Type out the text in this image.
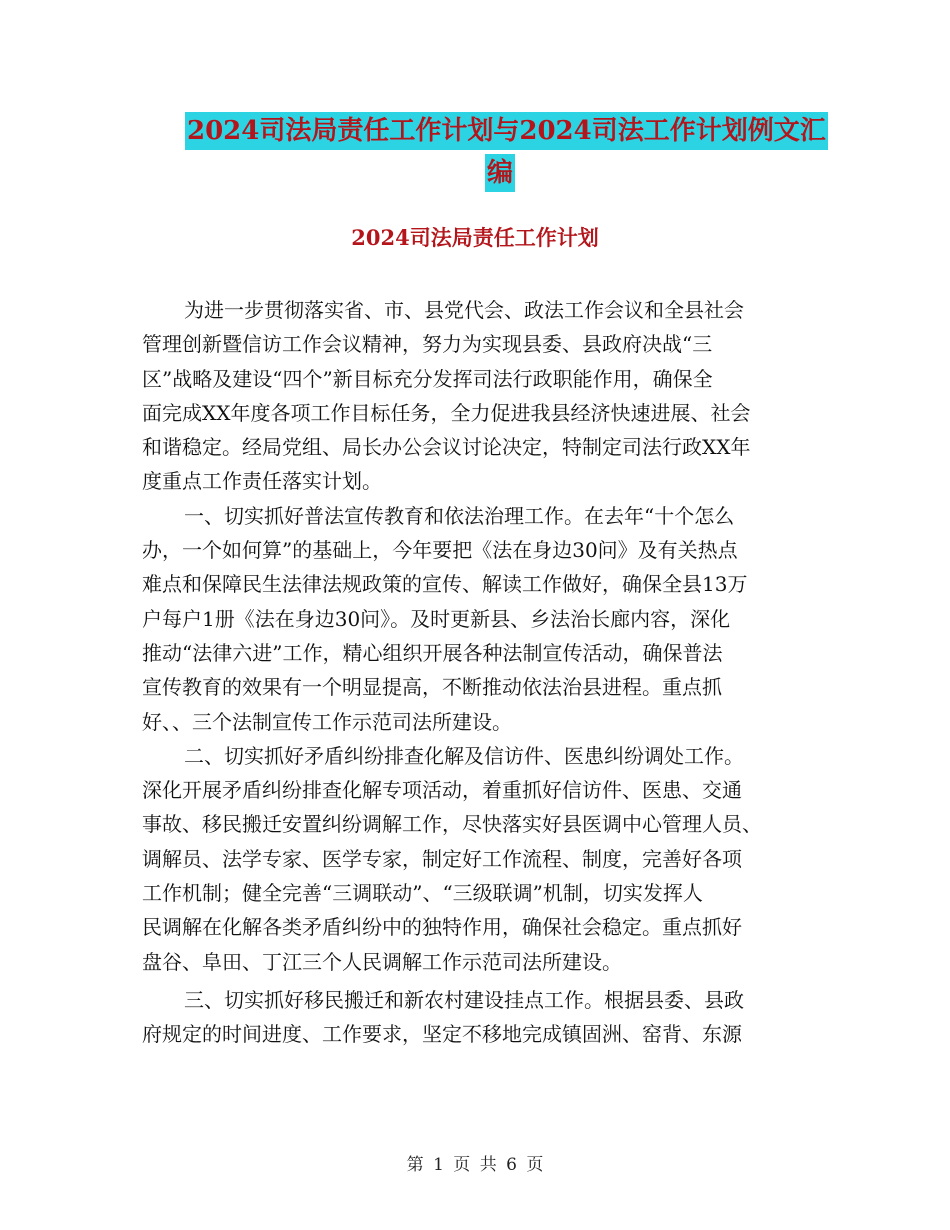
2024司法局责任工作计划与2024司法工作计划例文汇
编
2024司法局责任工作计划
为进一步贯彻落实省、市、县党代会、政法工作会议和全县社会
管理创新暨信访工作会议精神，努力为实现县委、县政府决战“三
区”战略及建设“四个”新目标充分发挥司法行政职能作用，确保全
面完成XX年度各项工作目标任务，全力促进我县经济快速进展、社会
和谐稳定。经局党组、局长办公会议讨论决定，特制定司法行政XX年
度重点工作责任落实计划。
一、切实抓好普法宣传教育和依法治理工作。在去年“十个怎么
办，一个如何算”的基础上，今年要把《法在身边30问》及有关热点
难点和保障民生法律法规政策的宣传、解读工作做好，确保全县13万
户每户1册《法在身边30问》。及时更新县、乡法治长廊内容，深化
推动“法律六进”工作，精心组织开展各种法制宣传活动，确保普法
宣传教育的效果有一个明显提高，不断推动依法治县进程。重点抓
好、、三个法制宣传工作示范司法所建设。
二、切实抓好矛盾纠纷排查化解及信访件、医患纠纷调处工作。
深化开展矛盾纠纷排查化解专项活动，着重抓好信访件、医患、交通
事故、移民搬迁安置纠纷调解工作，尽快落实好县医调中心管理人员、
调解员、法学专家、医学专家，制定好工作流程、制度，完善好各项
工作机制；健全完善“三调联动”、“三级联调”机制，切实发挥人
民调解在化解各类矛盾纠纷中的独特作用，确保社会稳定。重点抓好
盘谷、阜田、丁江三个人民调解工作示范司法所建设。
三、切实抓好移民搬迁和新农村建设挂点工作。根据县委、县政
府规定的时间进度、工作要求，坚定不移地完成镇固洲、窑背、东源
第 1 页 共 6 页
